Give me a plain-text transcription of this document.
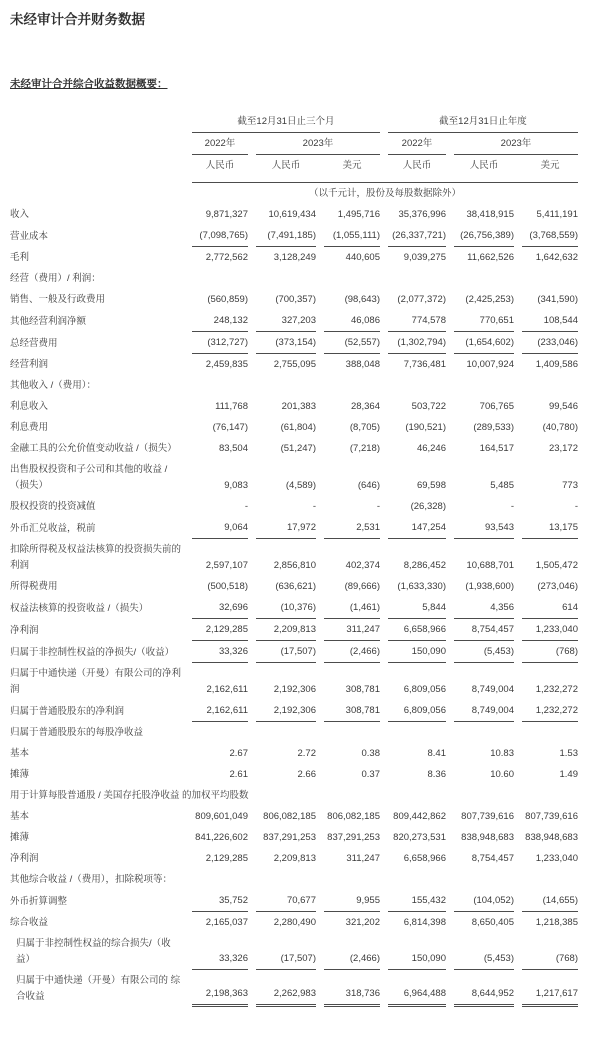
未经审计合并财务数据
未经审计合并综合收益数据概要：
	截至12月31日止三个月			截至12月31日止年度		
	2022年	2023年		2022年	2023年	
	人民币	人民币	美元	人民币	人民币	美元

	（以千元计，股份及每股数据除外）					
收入	9,871,327	10,619,434	1,495,716	35,376,996	38,418,915	5,411,191
营业成本	(7,098,765)	(7,491,185)	(1,055,111)	(26,337,721)	(26,756,389)	(3,768,559)
毛利	2,772,562	3,128,249	440,605	9,039,275	11,662,526	1,642,632
经营（费用）/ 利润：						
销售、一般及行政费用	(560,859)	(700,357)	(98,643)	(2,077,372)	(2,425,253)	(341,590)
其他经营利润净额	248,132	327,203	46,086	774,578	770,651	108,544
总经营费用	(312,727)	(373,154)	(52,557)	(1,302,794)	(1,654,602)	(233,046)
经营利润	2,459,835	2,755,095	388,048	7,736,481	10,007,924	1,409,586
其他收入 /（费用）：						
利息收入	111,768	201,383	28,364	503,722	706,765	99,546
利息费用	(76,147)	(61,804)	(8,705)	(190,521)	(289,533)	(40,780)
金融工具的公允价值变动收益 /（损失）	83,504	(51,247)	(7,218)	46,246	164,517	23,172
出售股权投资和子公司和其他的收益 /（损失）	9,083	(4,589)	(646)	69,598	5,485	773
股权投资的投资减值	-	-	-	(26,328)	-	-
外币汇兑收益，税前	9,064	17,972	2,531	147,254	93,543	13,175
扣除所得税及权益法核算的投资损失前的利润	2,597,107	2,856,810	402,374	8,286,452	10,688,701	1,505,472
所得税费用	(500,518)	(636,621)	(89,666)	(1,633,330)	(1,938,600)	(273,046)
权益法核算的投资收益 /（损失）	32,696	(10,376)	(1,461)	5,844	4,356	614
净利润	2,129,285	2,209,813	311,247	6,658,966	8,754,457	1,233,040
归属于非控制性权益的净损失/（收益）	33,326	(17,507)	(2,466)	150,090	(5,453)	(768)
归属于中通快递（开曼）有限公司的净利润	2,162,611	2,192,306	308,781	6,809,056	8,749,004	1,232,272
归属于普通股股东的净利润	2,162,611	2,192,306	308,781	6,809,056	8,749,004	1,232,272
归属于普通股股东的每股净收益						
基本	2.67	2.72	0.38	8.41	10.83	1.53
摊薄	2.61	2.66	0.37	8.36	10.60	1.49
用于计算每股普通股 / 美国存托股净收益 的加权平均股数						
基本	809,601,049	806,082,185	806,082,185	809,442,862	807,739,616	807,739,616
摊薄	841,226,602	837,291,253	837,291,253	820,273,531	838,948,683	838,948,683
净利润	2,129,285	2,209,813	311,247	6,658,966	8,754,457	1,233,040
其他综合收益 /（费用），扣除税项等：						
外币折算调整	35,752	70,677	9,955	155,432	(104,052)	(14,655)
综合收益	2,165,037	2,280,490	321,202	6,814,398	8,650,405	1,218,385
归属于非控制性权益的综合损失/（收益）	33,326	(17,507)	(2,466)	150,090	(5,453)	(768)
归属于中通快递（开曼）有限公司的 综合收益	2,198,363	2,262,983	318,736	6,964,488	8,644,952	1,217,617
